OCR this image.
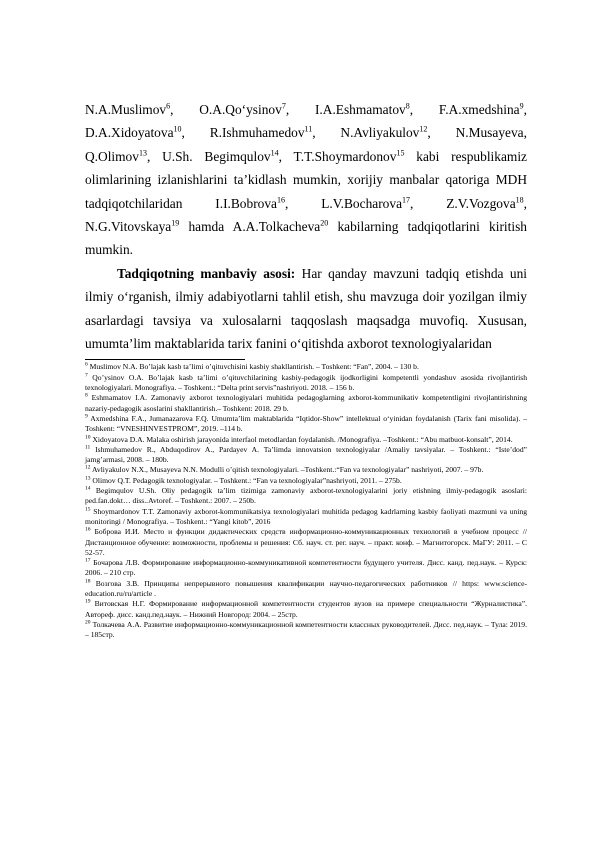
N.A.Muslimov$^6$, O.A.Qo‘ysinov$^7$, I.A.Eshmamatov$^8$, F.A.xmedshina$^9$, D.A.Xidoyatova$^{10}$, R.Ishmuhamedov$^{11}$, N.Avliyakulov$^{12}$, N.Musayeva, Q.Olimov$^{13}$, U.Sh. Begimqulov$^{14}$, T.T.Shoymardonov$^{15}$ kabi respublikamiz olimlarining izlanishlarini ta’kidlash mumkin, xorijiy manbalar qatoriga MDH tadqiqotchilaridan I.I.Bobrova$^{16}$, L.V.Bocharova$^{17}$, Z.V.Vozgova$^{18}$, N.G.Vitovskaya$^{19}$ hamda A.A.Tolkacheva$^{20}$ kabilarning tadqiqotlarini kiritish mumkin.

Tadqiqotning manbaviy asosi: Har qanday mavzuni tadqiq etishda uni ilmiy o‘rganish, ilmiy adabiyotlarni tahlil etish, shu mavzuga doir yozilgan ilmiy asarlardagi tavsiya va xulosalarni taqqoslash maqsadga muvofiq. Xususan, umumta’lim maktablarida tarix fanini o‘qitishda axborot texnologiyalaridan

$^6$ Muslimov N.A. Bo’lajak kasb ta’limi o’qituvchisini kasbiy shakllantirish. – Toshkent: “Fan”, 2004. – 130 b.

$^7$ Qo’ysinov O.A. Bo’lajak kasb ta’limi o’qituvchilarining kasbiy-pedagogik ijodkorligini kompetentli yondashuv asosida rivojlantirish texnologiyalari. Monografiya. – Toshkent.: “Delta print servis”nashriyoti. 2018. – 156 b.

$^8$ Eshmamatov I.A. Zamonaviy axborot texnologiyalari muhitida pedagoglarning axborot-kommunikativ kompetentligini rivojlantirishning nazariy-pedagogik asoslarini shakllantirish.– Toshkent: 2018. 29 b.

$^9$ Axmedshina F.A., Jumanazarova F.Q. Umumta’lim maktablarida “Iqtidor-Show” intellektual o‘yinidan foydalanish (Tarix fani misolida). –Toshkent: “VNESHINVESTPROM”, 2019. –114 b.

$^{10}$ Xidoyatova D.A. Malaka oshirish jarayonida interfaol metodlardan foydalanish. /Monografiya. –Toshkent.: “Abu matbuot-konsalt”, 2014.

$^{11}$ Ishmuhamedov R., Abduqodirov A., Pardayev A. Ta’limda innovatsion texnologiyalar /Amaliy tavsiyalar. – Toshkent.: “Iste’dod” jamg’armasi, 2008. – 180b.

$^{12}$ Avliyakulov N.X., Musayeva N.N. Modulli o’qitish texnologiyalari. –Toshkent.:“Fan va texnologiyalar” nashriyoti, 2007. – 97b.

$^{13}$ Olimov Q.T. Pedagogik texnologiyalar. – Toshkent.: “Fan va texnologiyalar”nashriyoti, 2011. – 275b.

$^{14}$ Begimqulov U.Sh. Oliy pedagogik ta’lim tizimiga zamonaviy axborot-texnologiyalarini joriy etishning ilmiy-pedagogik asoslari: ped.fan.dokt… diss..Avtoref. – Toshkent.: 2007. – 250b.

$^{15}$ Shoymardonov T.T. Zamonaviy axborot-kommunikatsiya texnologiyalari muhitida pedagog kadrlarning kasbiy faoliyati mazmuni va uning monitoringi / Monografiya. – Toshkent.: “Yangi kitob”, 2016

$^{16}$ Боброва И.И. Место и функции дидактических средств информационно-коммуникационных технологий в учебном процесс // Дистанционное обучение: возможности, проблемы и решения: Сб. науч. ст. рег. науч. – практ. конф. – Магнитогорск. МаГУ: 2011. – С 52-57.

$^{17}$ Бочарова Л.В. Формирование информационно-коммуникативной компетентности будущего учителя. Дисс. канд. пед.наук. – Курск: 2006. – 210 стр.

$^{18}$ Возгова З.В. Принципы непрерывного повышения квалификации научно-педагогических работников // https: www.science-education.ru/ru/article .

$^{19}$ Витовская Н.Г. Формирование информационной компетентности студентов вузов на примере специальности “Журналистика”. Автореф. дисс. канд.пед.наук. – Нижний Новгород: 2004. – 25стр.

$^{20}$ Толкачева А.А. Развитие информационно-коммуникационной компетентности классных руководителей. Дисс. пед.наук. – Тула: 2019. – 185стр.
